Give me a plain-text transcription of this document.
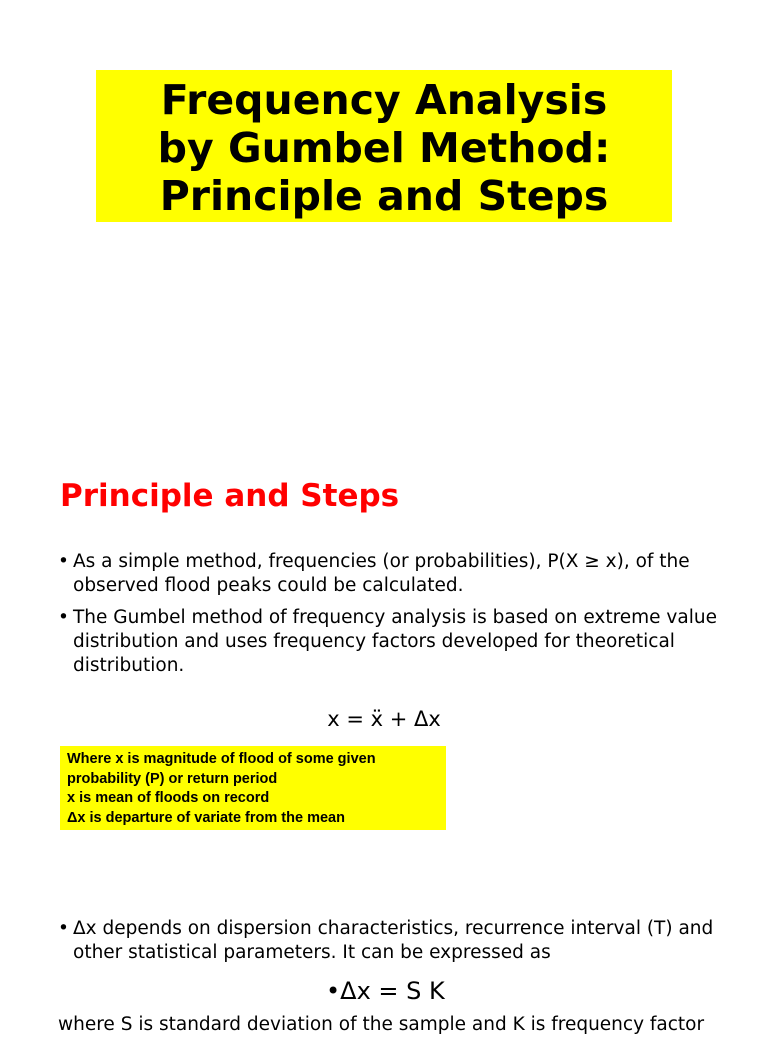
Frequency Analysis
by Gumbel Method:
Principle and Steps
Principle and Steps
• As a simple method, frequencies (or probabilities), P(X ≥ x), of the observed flood peaks could be calculated.
• The Gumbel method of frequency analysis is based on extreme value distribution and uses frequency factors developed for theoretical distribution.
x = ẍ + Δx
Where x is magnitude of flood of some given
probability (P) or return period
x is mean of floods on record
Δx is departure of variate from the mean
• Δx depends on dispersion characteristics, recurrence interval (T) and other statistical parameters. It can be expressed as
•Δx = S K
where S is standard deviation of the sample and K is frequency factor
